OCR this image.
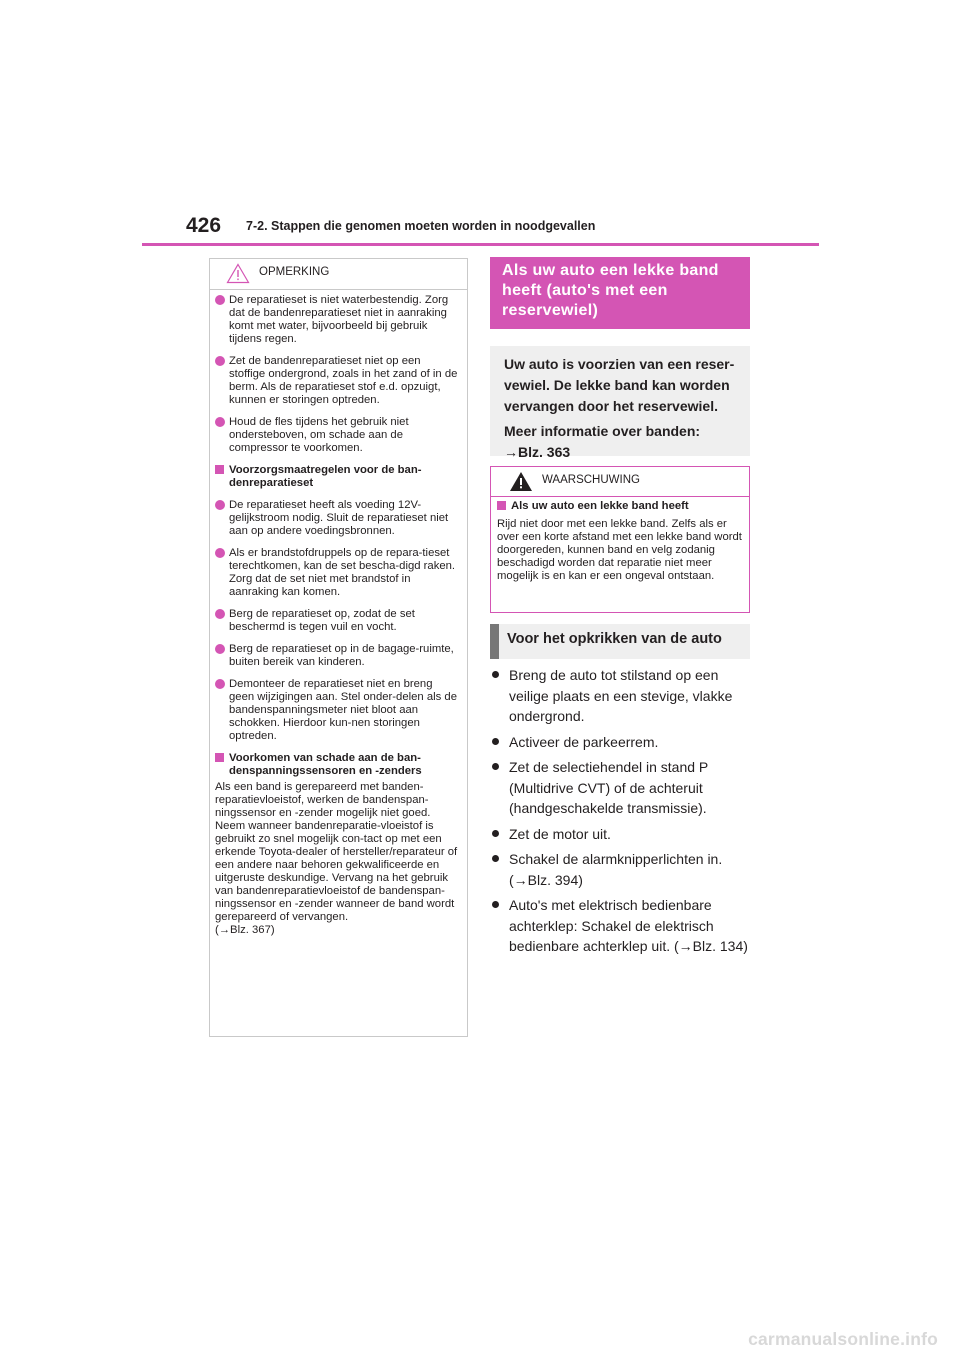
426 7-2. Stappen die genomen moeten worden in noodgevallen
OPMERKING
De reparatieset is niet waterbestendig. Zorg dat de bandenreparatieset niet in aanraking komt met water, bijvoorbeeld bij gebruik tijdens regen.
Zet de bandenreparatieset niet op een stoffige ondergrond, zoals in het zand of in de berm. Als de reparatieset stof e.d. opzuigt, kunnen er storingen optreden.
Houd de fles tijdens het gebruik niet ondersteboven, om schade aan de compressor te voorkomen.
Voorzorgsmaatregelen voor de ban-denreparatieset
De reparatieset heeft als voeding 12V-gelijkstroom nodig. Sluit de reparatieset niet aan op andere voedingsbronnen.
Als er brandstofdruppels op de repara-tieset terechtkomen, kan de set bescha-digd raken. Zorg dat de set niet met brandstof in aanraking kan komen.
Berg de reparatieset op, zodat de set beschermd is tegen vuil en vocht.
Berg de reparatieset op in de bagage-ruimte, buiten bereik van kinderen.
Demonteer de reparatieset niet en breng geen wijzigingen aan. Stel onder-delen als de bandenspanningsmeter niet bloot aan schokken. Hierdoor kun-nen storingen optreden.
Voorkomen van schade aan de ban-denspanningssensoren en -zenders
Als een band is gerepareerd met banden-reparatievloeistof, werken de bandenspan-ningssensor en -zender mogelijk niet goed. Neem wanneer bandenreparatie-vloeistof is gebruikt zo snel mogelijk con-tact op met een erkende Toyota-dealer of hersteller/reparateur of een andere naar behoren gekwalificeerde en uitgeruste deskundige. Vervang na het gebruik van bandenreparatievloeistof de bandenspan-ningssensor en -zender wanneer de band wordt gerepareerd of vervangen.
(→Blz. 367)
Als uw auto een lekke band heeft (auto's met een reservewiel)

Uw auto is voorzien van een reser-vewiel. De lekke band kan worden vervangen door het reservewiel.

Meer informatie over banden:

→Blz. 363

WAARSCHUWING
Als uw auto een lekke band heeft
Rijd niet door met een lekke band. Zelfs als er over een korte afstand met een lekke band wordt doorgereden, kunnen band en velg zodanig beschadigd worden dat reparatie niet meer mogelijk is en kan er een ongeval ontstaan.
Voor het opkrikken van de auto
Breng de auto tot stilstand op een veilige plaats en een stevige, vlakke ondergrond.
Activeer de parkeerrem.
Zet de selectiehendel in stand P (Multidrive CVT) of de achteruit (handgeschakelde transmissie).
Zet de motor uit.
Schakel de alarmknipperlichten in. (→Blz. 394)
Auto's met elektrisch bedienbare achterklep: Schakel de elektrisch bedienbare achterklep uit. (→Blz. 134)
carmanualsonline.info
